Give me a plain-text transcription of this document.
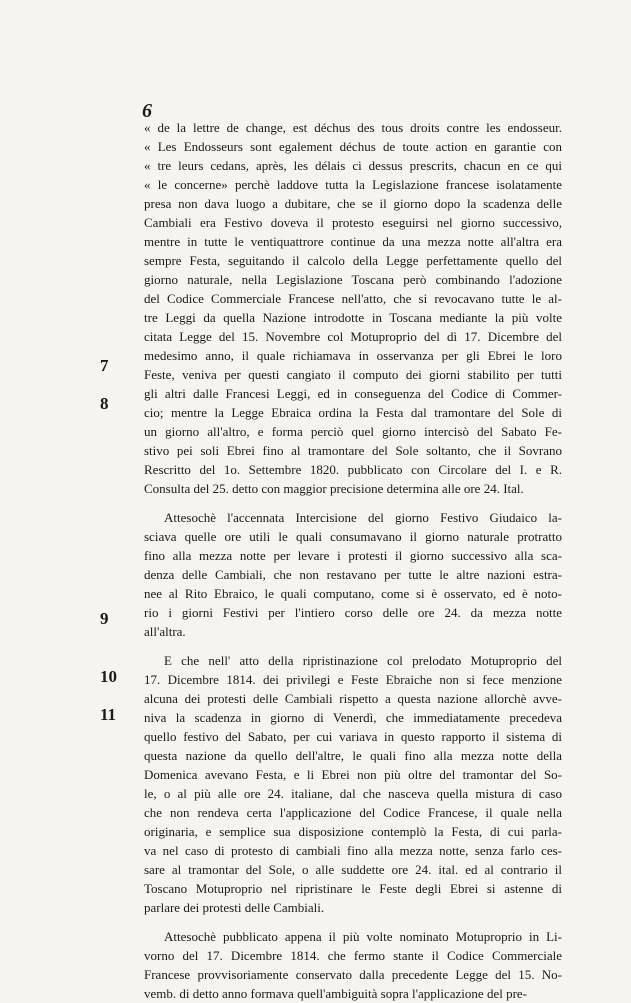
6
7
8
9
10
11
« de la lettre de change, est déchus des tous droits contre les endosseur.
« Les Endosseurs sont egalement déchus de toute action en garantie con
« tre leurs cedans, après, les délais ci dessus prescrits, chacun en ce qui
« le concerne» perchè laddove tutta la Legislazione francese isolatamente
presa non dava luogo a dubitare, che se il giorno dopo la scadenza delle
Cambiali era Festivo doveva il protesto eseguirsi nel giorno successivo,
mentre in tutte le ventiquattrore continue da una mezza notte all'altra era
sempre Festa, seguitando il calcolo della Legge perfettamente quello del
giorno naturale, nella Legislazione Toscana però combinando l'adozione
del Codice Commerciale Francese nell'atto, che si revocavano tutte le al-
tre Leggi da quella Nazione introdotte in Toscana mediante la più volte
citata Legge del 15. Novembre col Motuproprio del dì 17. Dicembre del
medesimo anno, il quale richiamava in osservanza per gli Ebrei le loro
Feste, veniva per questi cangiato il computo dei giorni stabilito per tutti
gli altri dalle Francesi Leggi, ed in conseguenza del Codice di Commer-
cio; mentre la Legge Ebraica ordina la Festa dal tramontare del Sole di
un giorno all'altro, e forma perciò quel giorno intercisò del Sabato Fe-
stivo pei soli Ebrei fino al tramontare del Sole soltanto, che il Sovrano
Rescritto del 1o. Settembre 1820. pubblicato con Circolare del I. e R.
Consulta del 25. detto con maggior precisione determina alle ore 24. Ital.
Attesochè l'accennata Intercisione del giorno Festivo Giudaico la-
sciava quelle ore utili le quali consumavano il giorno naturale protratto
fino alla mezza notte per levare i protesti il giorno successivo alla sca-
denza delle Cambiali, che non restavano per tutte le altre nazioni estra-
nee al Rito Ebraico, le quali computano, come si è osservato, ed è noto-
rio i giorni Festivi per l'intiero corso delle ore 24. da mezza notte
all'altra.
E che nell' atto della ripristinazione col prelodato Motuproprio del
17. Dicembre 1814. dei privilegi e Feste Ebraiche non si fece menzione
alcuna dei protesti delle Cambiali rispetto a questa nazione allorchè avve-
niva la scadenza in giorno di Venerdì, che immediatamente precedeva
quello festivo del Sabato, per cui variava in questo rapporto il sistema di
questa nazione da quello dell'altre, le quali fino alla mezza notte della
Domenica avevano Festa, e li Ebrei non più oltre del tramontar del So-
le, o al più alle ore 24. italiane, dal che nasceva quella mistura di caso
che non rendeva certa l'applicazione del Codice Francese, il quale nella
originaria, e semplice sua disposizione contemplò la Festa, di cui parla-
va nel caso di protesto di cambiali fino alla mezza notte, senza farlo ces-
sare al tramontar del Sole, o alle suddette ore 24. ital. ed al contrario il
Toscano Motuproprio nel ripristinare le Feste degli Ebrei si astenne di
parlare dei protesti delle Cambiali.
Attesochè pubblicato appena il più volte nominato Motuproprio in Li-
vorno del 17. Dicembre 1814. che fermo stante il Codice Commerciale
Francese provvisoriamente conservato dalla precedente Legge del 15. No-
vemb. di detto anno formava quell'ambiguità sopra l'applicazione del pre-
